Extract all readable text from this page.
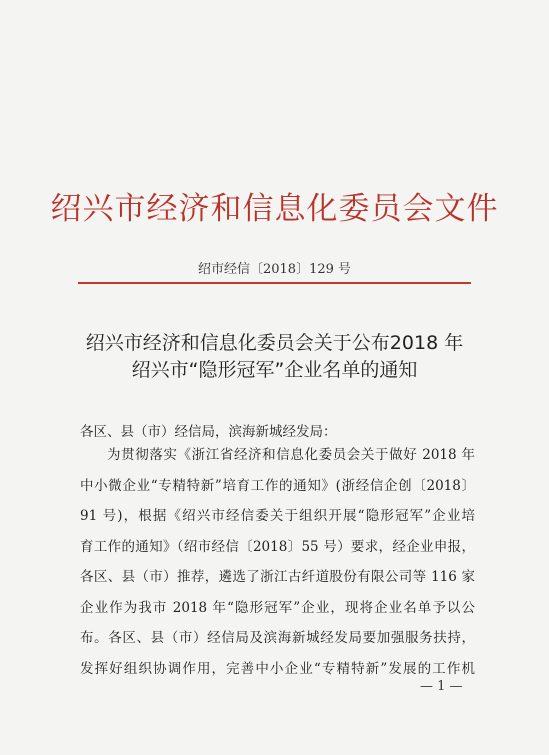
绍兴市经济和信息化委员会文件
绍市经信〔2018〕129 号
绍兴市经济和信息化委员会关于公布2018 年
绍兴市“隐形冠军”企业名单的通知
各区、县（市）经信局，滨海新城经发局：
为贯彻落实《浙江省经济和信息化委员会关于做好 2018 年
中小微企业“专精特新”培育工作的通知》(浙经信企创〔2018〕
91 号)，根据《绍兴市经信委关于组织开展“隐形冠军”企业培
育工作的通知》（绍市经信〔2018〕55 号）要求，经企业申报，
各区、县（市）推荐，遴选了浙江古纤道股份有限公司等 116 家
企业作为我市 2018 年“隐形冠军”企业，现将企业名单予以公
布。各区、县（市）经信局及滨海新城经发局要加强服务扶持，
发挥好组织协调作用，完善中小企业“专精特新”发展的工作机
— 1 —
